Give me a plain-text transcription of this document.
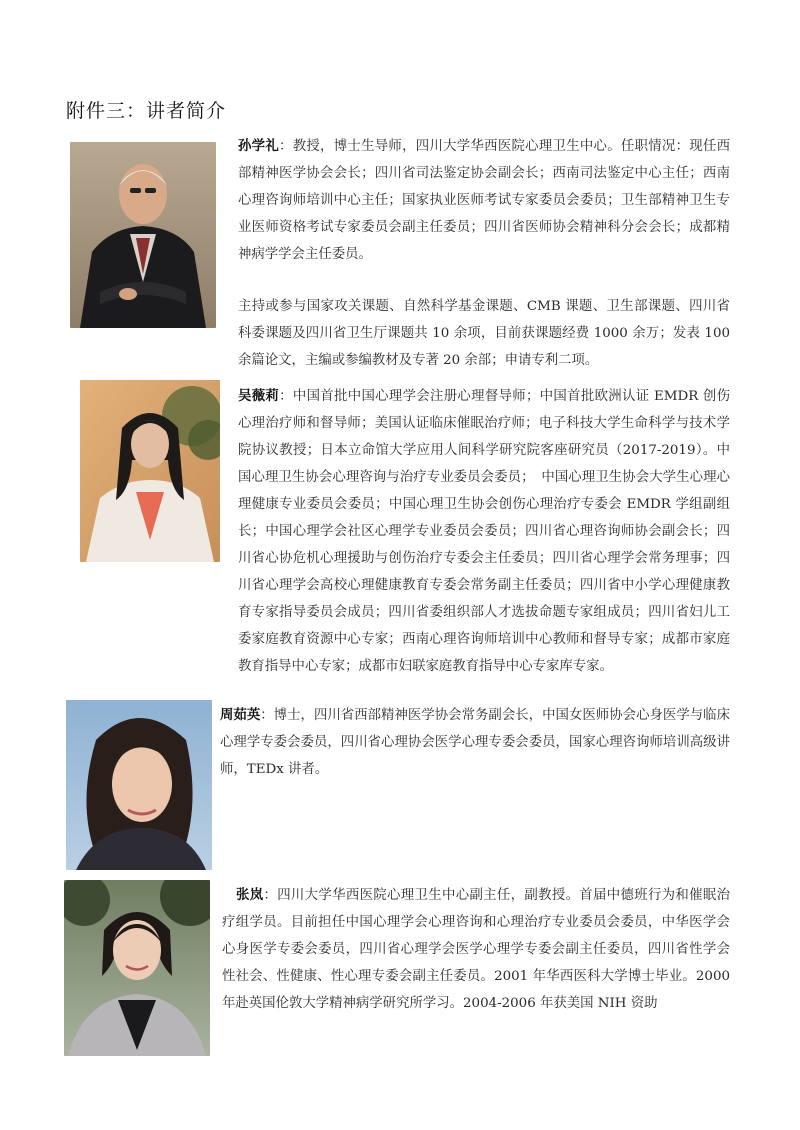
附件三：讲者简介

孙学礼：教授，博士生导师，四川大学华西医院心理卫生中心。任职情况：现任西部精神医学协会会长；四川省司法鉴定协会副会长；西南司法鉴定中心主任；西南心理咨询师培训中心主任；国家执业医师考试专家委员会委员；卫生部精神卫生专业医师资格考试专家委员会副主任委员；四川省医师协会精神科分会会长；成都精神病学学会主任委员。

主持或参与国家攻关课题、自然科学基金课题、CMB 课题、卫生部课题、四川省科委课题及四川省卫生厅课题共 10 余项，目前获课题经费 1000 余万；发表 100 余篇论文，主编或参编教材及专著 20 余部；申请专利二项。

吴薇莉：中国首批中国心理学会注册心理督导师；中国首批欧洲认证 EMDR 创伤心理治疗师和督导师；美国认证临床催眠治疗师；电子科技大学生命科学与技术学院协议教授；日本立命馆大学应用人间科学研究院客座研究员（2017-2019）。中国心理卫生协会心理咨询与治疗专业委员会委员；　中国心理卫生协会大学生心理心理健康专业委员会委员；中国心理卫生协会创伤心理治疗专委会 EMDR 学组副组长；中国心理学会社区心理学专业委员会委员；四川省心理咨询师协会副会长；四川省心协危机心理援助与创伤治疗专委会主任委员；四川省心理学会常务理事；四川省心理学会高校心理健康教育专委会常务副主任委员；四川省中小学心理健康教育专家指导委员会成员；四川省委组织部人才选拔命题专家组成员；四川省妇儿工委家庭教育资源中心专家；西南心理咨询师培训中心教师和督导专家；成都市家庭教育指导中心专家；成都市妇联家庭教育指导中心专家库专家。

周茹英：博士，四川省西部精神医学协会常务副会长，中国女医师协会心身医学与临床心理学专委会委员，四川省心理协会医学心理专委会委员，国家心理咨询师培训高级讲师，TEDx 讲者。

张岚：四川大学华西医院心理卫生中心副主任，副教授。首届中德班行为和催眠治疗组学员。目前担任中国心理学会心理咨询和心理治疗专业委员会委员，中华医学会心身医学专委会委员，四川省心理学会医学心理学专委会副主任委员，四川省性学会性社会、性健康、性心理专委会副主任委员。2001 年华西医科大学博士毕业。2000 年赴英国伦敦大学精神病学研究所学习。2004-2006 年获美国 NIH 资助
